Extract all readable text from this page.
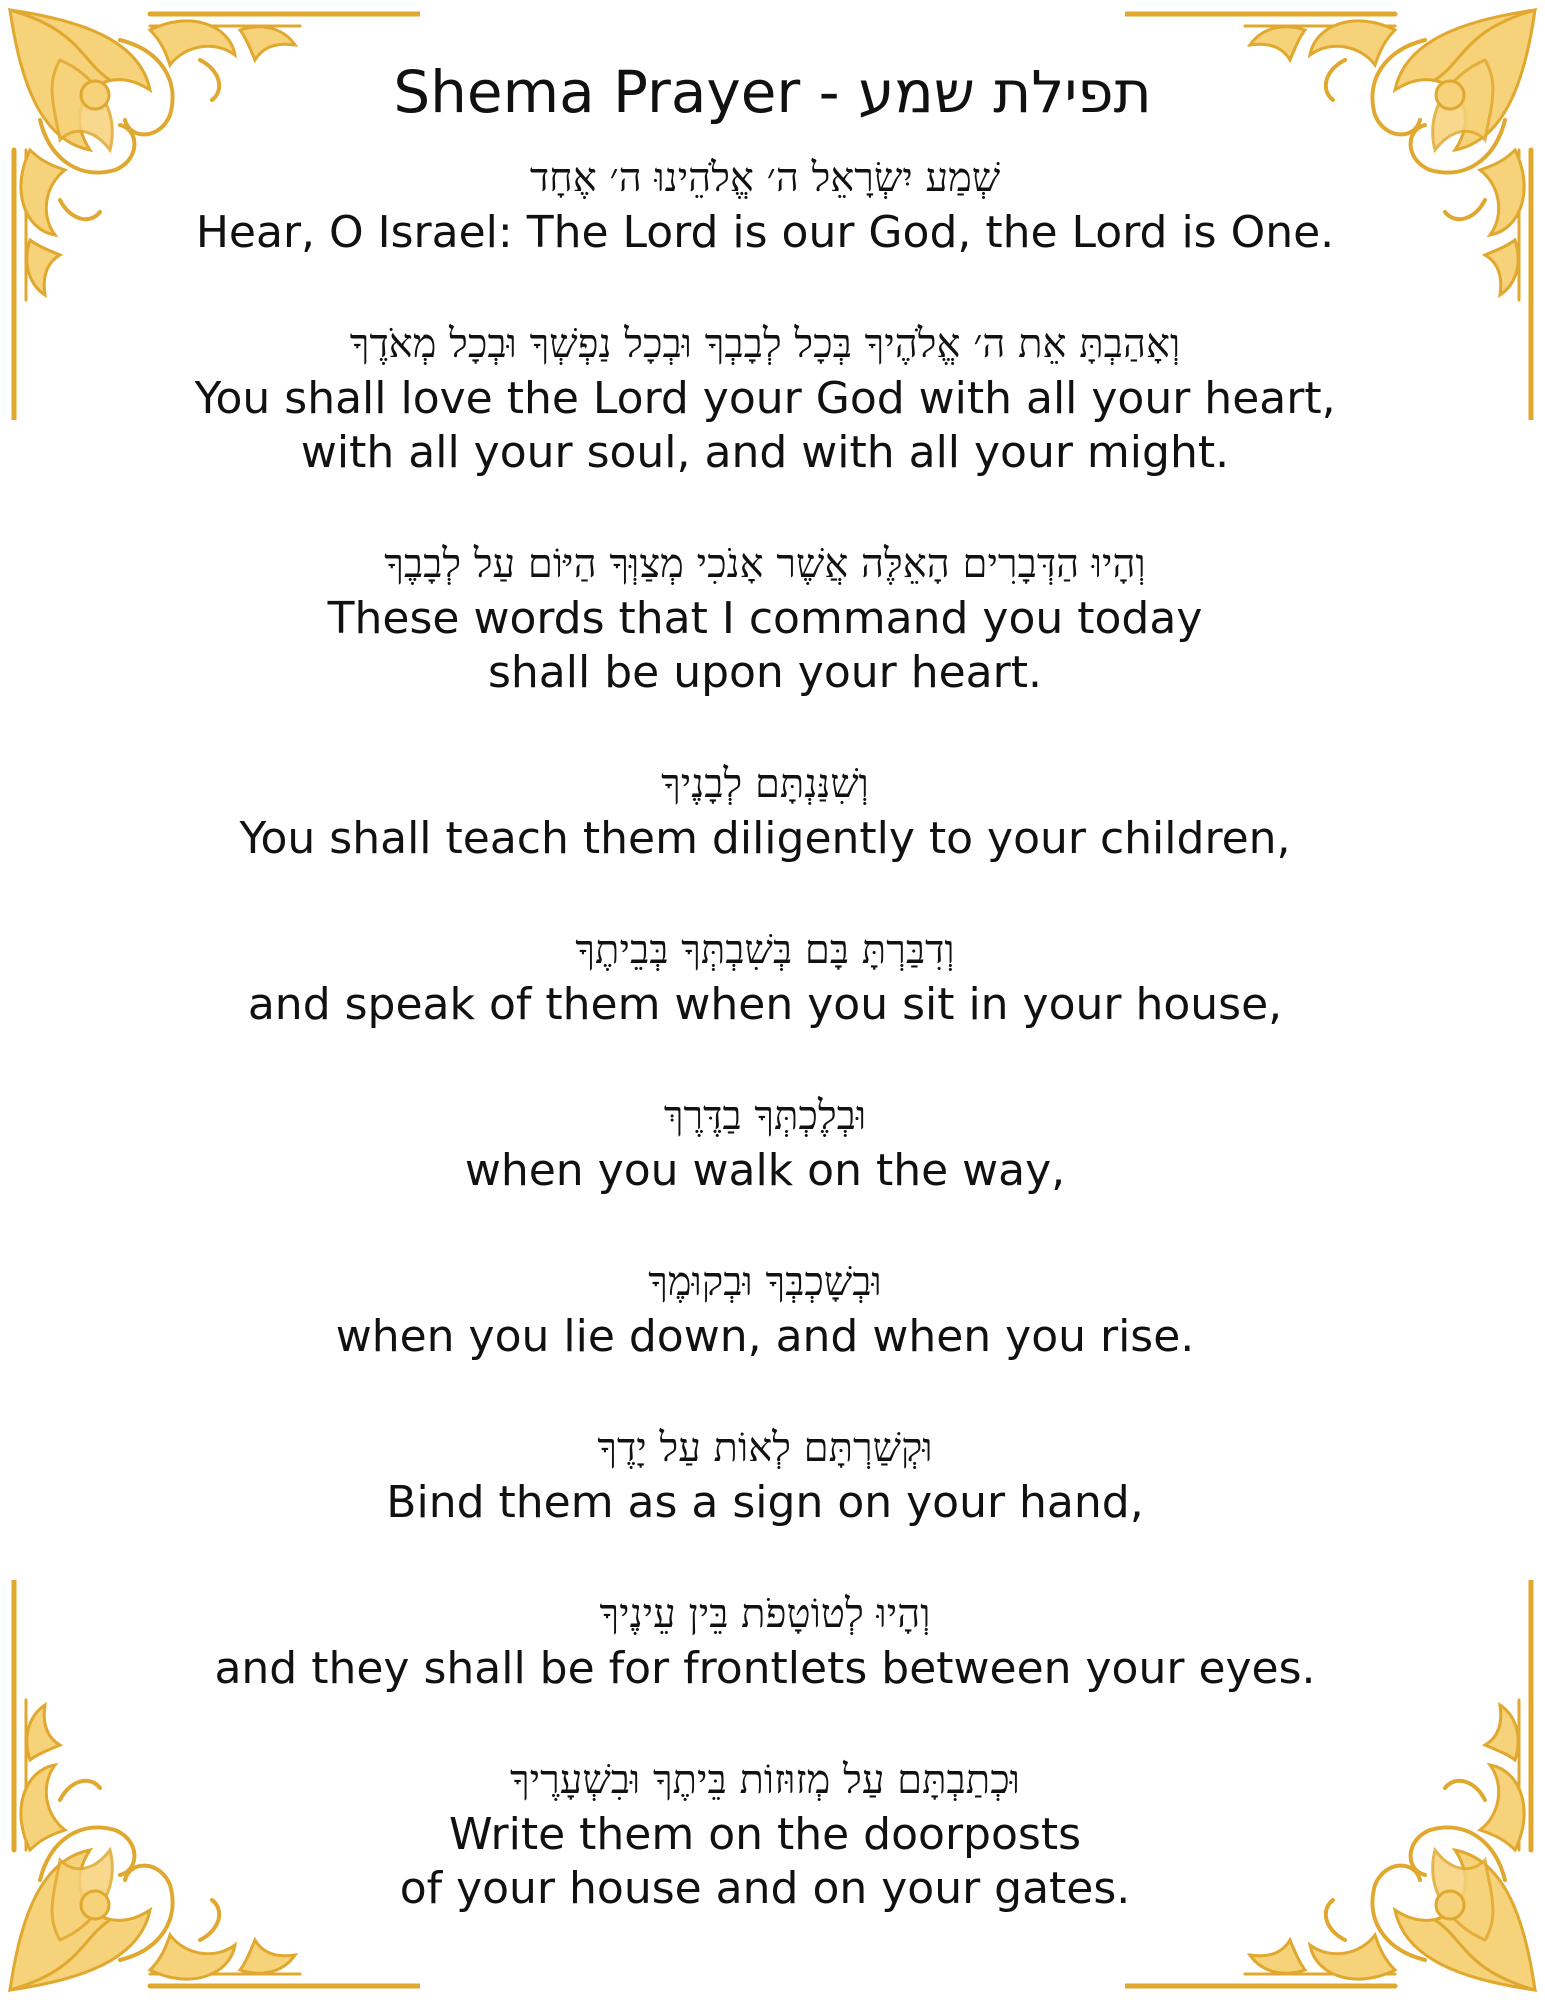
Shema Prayer - תפילת שמע
שְׁמַע יִשְׂרָאֵל ה׳ אֱלֹהֵינוּ ה׳ אֶחָד
Hear, O Israel: The Lord is our God, the Lord is One.
וְאָהַבְתָּ אֵת ה׳ אֱלֹהֶיךָ בְּכָל לְבָבְךָ וּבְכָל נַפְשְׁךָ וּבְכָל מְאֹדֶךָ
You shall love the Lord your God with all your heart,
with all your soul, and with all your might.
וְהָיוּ הַדְּבָרִים הָאֵלֶּה אֲשֶׁר אָנֹכִי מְצַוְּךָ הַיּוֹם עַל לְבָבֶךָ
These words that I command you today
shall be upon your heart.
וְשִׁנַּנְתָּם לְבָנֶיךָ
You shall teach them diligently to your children,
וְדִבַּרְתָּ בָּם בְּשִׁבְתְּךָ בְּבֵיתֶךָ
and speak of them when you sit in your house,
וּבְלֶכְתְּךָ בַדֶּרֶךְ
when you walk on the way,
וּבְשָׁכְבְּךָ וּבְקוּמֶךָ
when you lie down, and when you rise.
וּקְשַׁרְתָּם לְאוֹת עַל יָדֶךָ
Bind them as a sign on your hand,
וְהָיוּ לְטוֹטָפֹת בֵּין עֵינֶיךָ
and they shall be for frontlets between your eyes.
וּכְתַבְתָּם עַל מְזוּזוֹת בֵּיתֶךָ וּבִשְׁעָרֶיךָ
Write them on the doorposts
of your house and on your gates.
